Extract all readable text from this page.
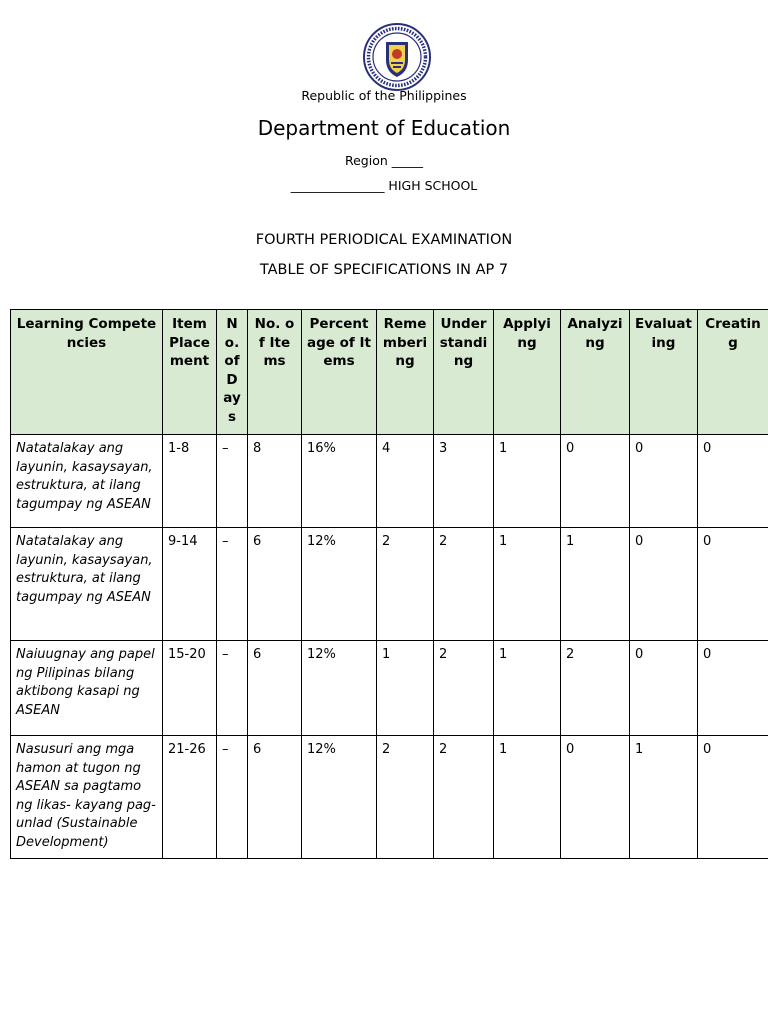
Republic of the Philippines
Department of Education
Region _____
_______________ HIGH SCHOOL
FOURTH PERIODICAL EXAMINATION
TABLE OF SPECIFICATIONS IN AP 7
Learning Competencies	Item Placement	No. of Days	No. of Items	Percentage of Items	Remembering	Understanding	Applying	Analyzing	Evaluating	Creating
Natatalakay ang layunin, kasaysayan, estruktura, at ilang tagumpay ng ASEAN	1-8	–	8	16%	4	3	1	0	0	0
Natatalakay ang layunin, kasaysayan, estruktura, at ilang tagumpay ng ASEAN	9-14	–	6	12%	2	2	1	1	0	0
Naiuugnay ang papel ng Pilipinas bilang aktibong kasapi ng ASEAN	15-20	–	6	12%	1	2	1	2	0	0
Nasusuri ang mga hamon at tugon ng ASEAN sa pagtamo ng likas- kayang pag-unlad (Sustainable Development)	21-26	–	6	12%	2	2	1	0	1	0
